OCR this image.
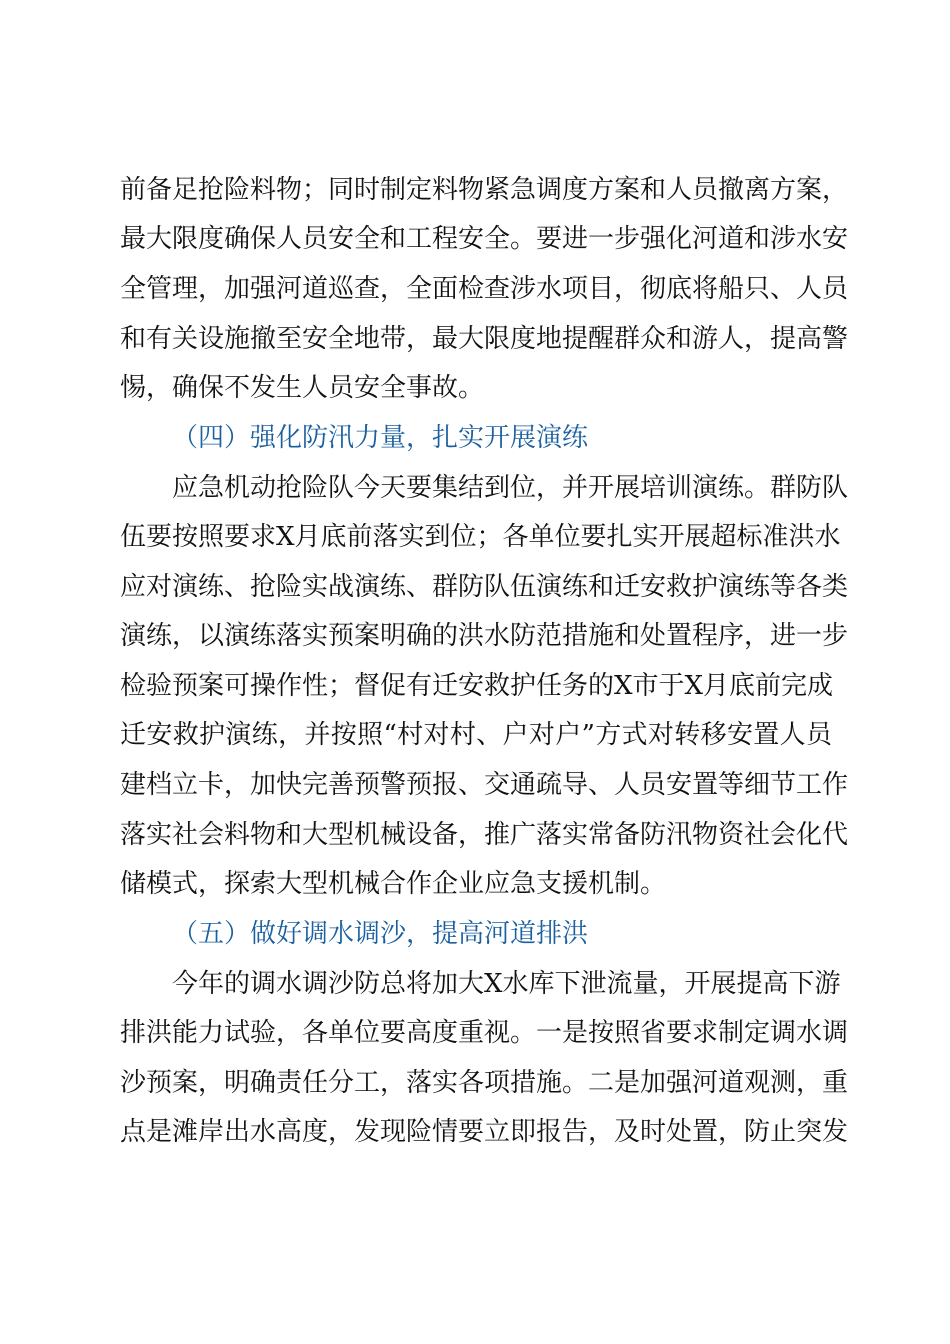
前备足抢险料物；同时制定料物紧急调度方案和人员撤离方案，
最大限度确保人员安全和工程安全。要进一步强化河道和涉水安
全管理，加强河道巡查，全面检查涉水项目，彻底将船只、人员
和有关设施撤至安全地带，最大限度地提醒群众和游人，提高警
惕，确保不发生人员安全事故。
（四）强化防汛力量，扎实开展演练
应急机动抢险队今天要集结到位，并开展培训演练。群防队
伍要按照要求X月底前落实到位；各单位要扎实开展超标准洪水
应对演练、抢险实战演练、群防队伍演练和迁安救护演练等各类
演练，以演练落实预案明确的洪水防范措施和处置程序，进一步
检验预案可操作性；督促有迁安救护任务的X市于X月底前完成
迁安救护演练，并按照“村对村、户对户”方式对转移安置人员
建档立卡，加快完善预警预报、交通疏导、人员安置等细节工作
落实社会料物和大型机械设备，推广落实常备防汛物资社会化代
储模式，探索大型机械合作企业应急支援机制。
（五）做好调水调沙，提高河道排洪
今年的调水调沙防总将加大X水库下泄流量，开展提高下游
排洪能力试验，各单位要高度重视。一是按照省要求制定调水调
沙预案，明确责任分工，落实各项措施。二是加强河道观测，重
点是滩岸出水高度，发现险情要立即报告，及时处置，防止突发
